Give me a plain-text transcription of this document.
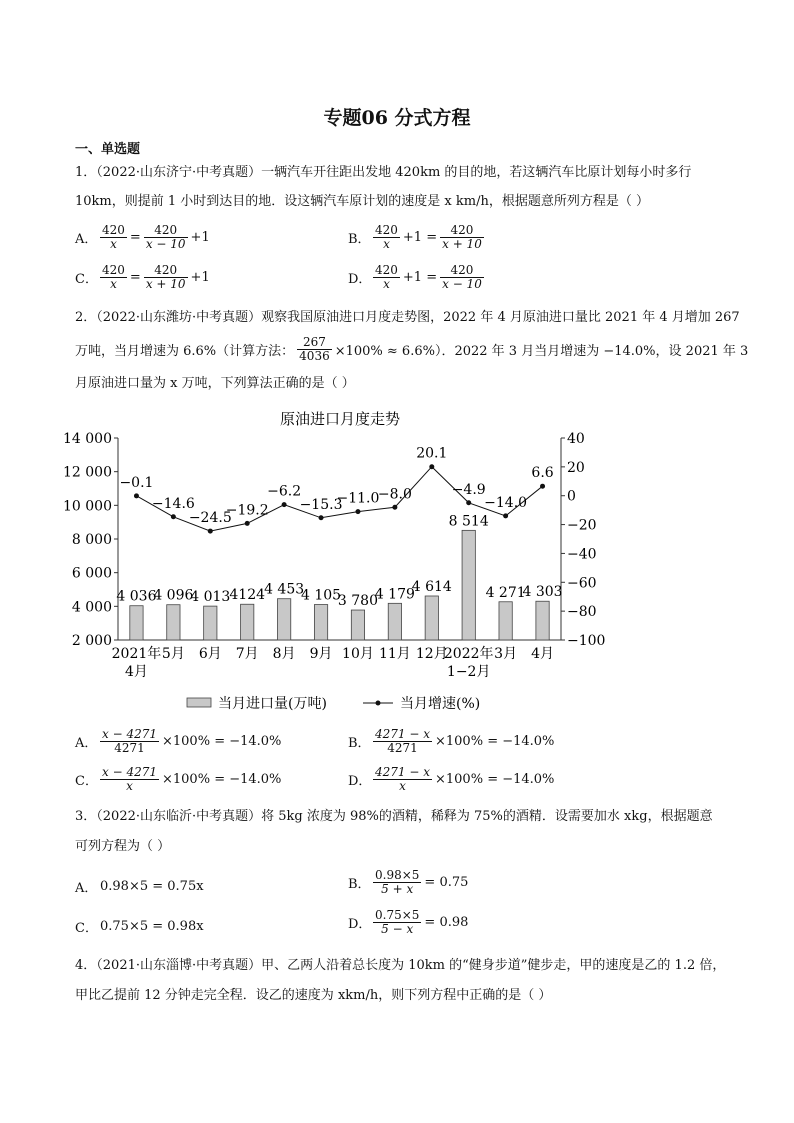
专题06 分式方程
一、单选题
1．（2022·山东济宁·中考真题）一辆汽车开往距出发地 420km 的目的地，若这辆汽车比原计划每小时多行
10km，则提前 1 小时到达目的地．设这辆汽车原计划的速度是 x km/h，根据题意所列方程是（ ）
A． $\frac{420}{x} = \frac{420}{x - 10} +1$	B． $\frac{420}{x} +1 = \frac{420}{x + 10}$
C． $\frac{420}{x} = \frac{420}{x + 10} +1$	D． $\frac{420}{x} +1 = \frac{420}{x - 10}$
2．（2022·山东潍坊·中考真题）观察我国原油进口月度走势图，2022 年 4 月原油进口量比 2021 年 4 月增加 267
万吨，当月增速为 6.6%（计算方法： $\frac{267}{4036} \times 100\% \approx 6.6\%$）．2022 年 3 月当月增速为 −14.0%，设 2021 年 3
月原油进口量为 x 万吨，下列算法正确的是（ ）
原油进口月度走势
2 000
4 000
6 000
8 000
10 000
12 000
14 000
−100
−80
−60
−40
−20
0
20
40
4 036
4 096
4 013 4124 4 453
4 105
3 780
4 179
4 614
8 514
4 271
4 303
−0.1
−14.6
−24.5
−19.2
−6.2
−15.3
−11.0
−8.0
20.1
−4.9
−14.0
6.6
2021年
4月
5月 6月 7月 8月 9月 10月 11月 12月
2022年
1−2月
3月 4月
当月进口量(万吨)	当月增速(%)
A． $\frac{x - 4271}{4271} \times 100\% = -14.0\%$	B． $\frac{4271 - x}{4271} \times 100\% = -14.0\%$
C． $\frac{x - 4271}{x} \times 100\% = -14.0\%$	D． $\frac{4271 - x}{x} \times 100\% = -14.0\%$
3．（2022·山东临沂·中考真题）将 5kg 浓度为 98%的酒精，稀释为 75%的酒精．设需要加水 xkg，根据题意
可列方程为（ ）
A． 0.98×5 = 0.75x	B． $\frac{0.98\times 5}{5 + x} = 0.75$
C． 0.75×5 = 0.98x	D． $\frac{0.75\times 5}{5 - x} = 0.98$
4．（2021·山东淄博·中考真题）甲、乙两人沿着总长度为 10km 的“健身步道”健步走，甲的速度是乙的 1.2 倍，
甲比乙提前 12 分钟走完全程．设乙的速度为 xkm/h，则下列方程中正确的是（ ）
